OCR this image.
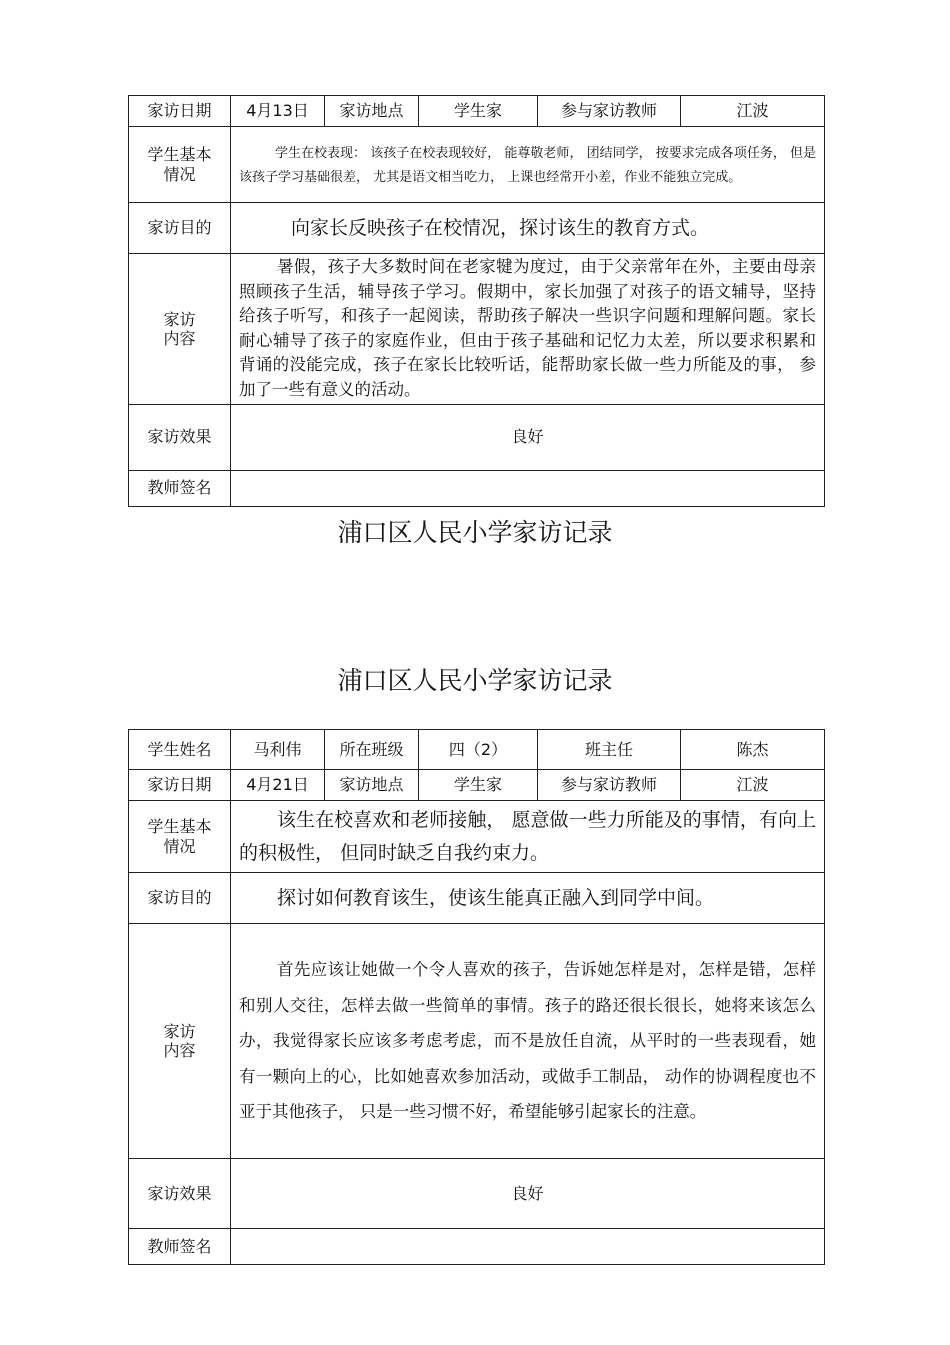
家访日期	4月13日	家访地点	学生家	参与家访教师	江波

学生基本情况	学生在校表现： 该孩子在校表现较好， 能尊敬老师， 团结同学， 按要求完成各项任务， 但是该孩子学习基础很差， 尤其是语文相当吃力， 上课也经常开小差，作业不能独立完成。				

家访目的	向家长反映孩子在校情况，探讨该生的教育方式。				

家访内容	暑假，孩子大多数时间在老家犍为度过，由于父亲常年在外，主要由母亲照顾孩子生活，辅导孩子学习。假期中，家长加强了对孩子的语文辅导，坚持给孩子听写，和孩子一起阅读，帮助孩子解决一些识字问题和理解问题。家长耐心辅导了孩子的家庭作业，但由于孩子基础和记忆力太差，所以要求积累和背诵的没能完成，孩子在家长比较听话，能帮助家长做一些力所能及的事， 参加了一些有意义的活动。				

家访效果	良好				
教师签名					
浦口区人民小学家访记录
浦口区人民小学家访记录
学生姓名	马利伟	所在班级	四（2）	班主任	陈杰
家访日期	4月21日	家访地点	学生家	参与家访教师	江波

学生基本情况	该生在校喜欢和老师接触， 愿意做一些力所能及的事情，有向上的积极性， 但同时缺乏自我约束力。				

家访目的	探讨如何教育该生，使该生能真正融入到同学中间。				

家访内容	首先应该让她做一个令人喜欢的孩子，告诉她怎样是对，怎样是错，怎样和别人交往，怎样去做一些简单的事情。孩子的路还很长很长，她将来该怎么办，我觉得家长应该多考虑考虑，而不是放任自流，从平时的一些表现看，她有一颗向上的心，比如她喜欢参加活动，或做手工制品， 动作的协调程度也不亚于其他孩子， 只是一些习惯不好，希望能够引起家长的注意。				

家访效果	良好				
教师签名					
